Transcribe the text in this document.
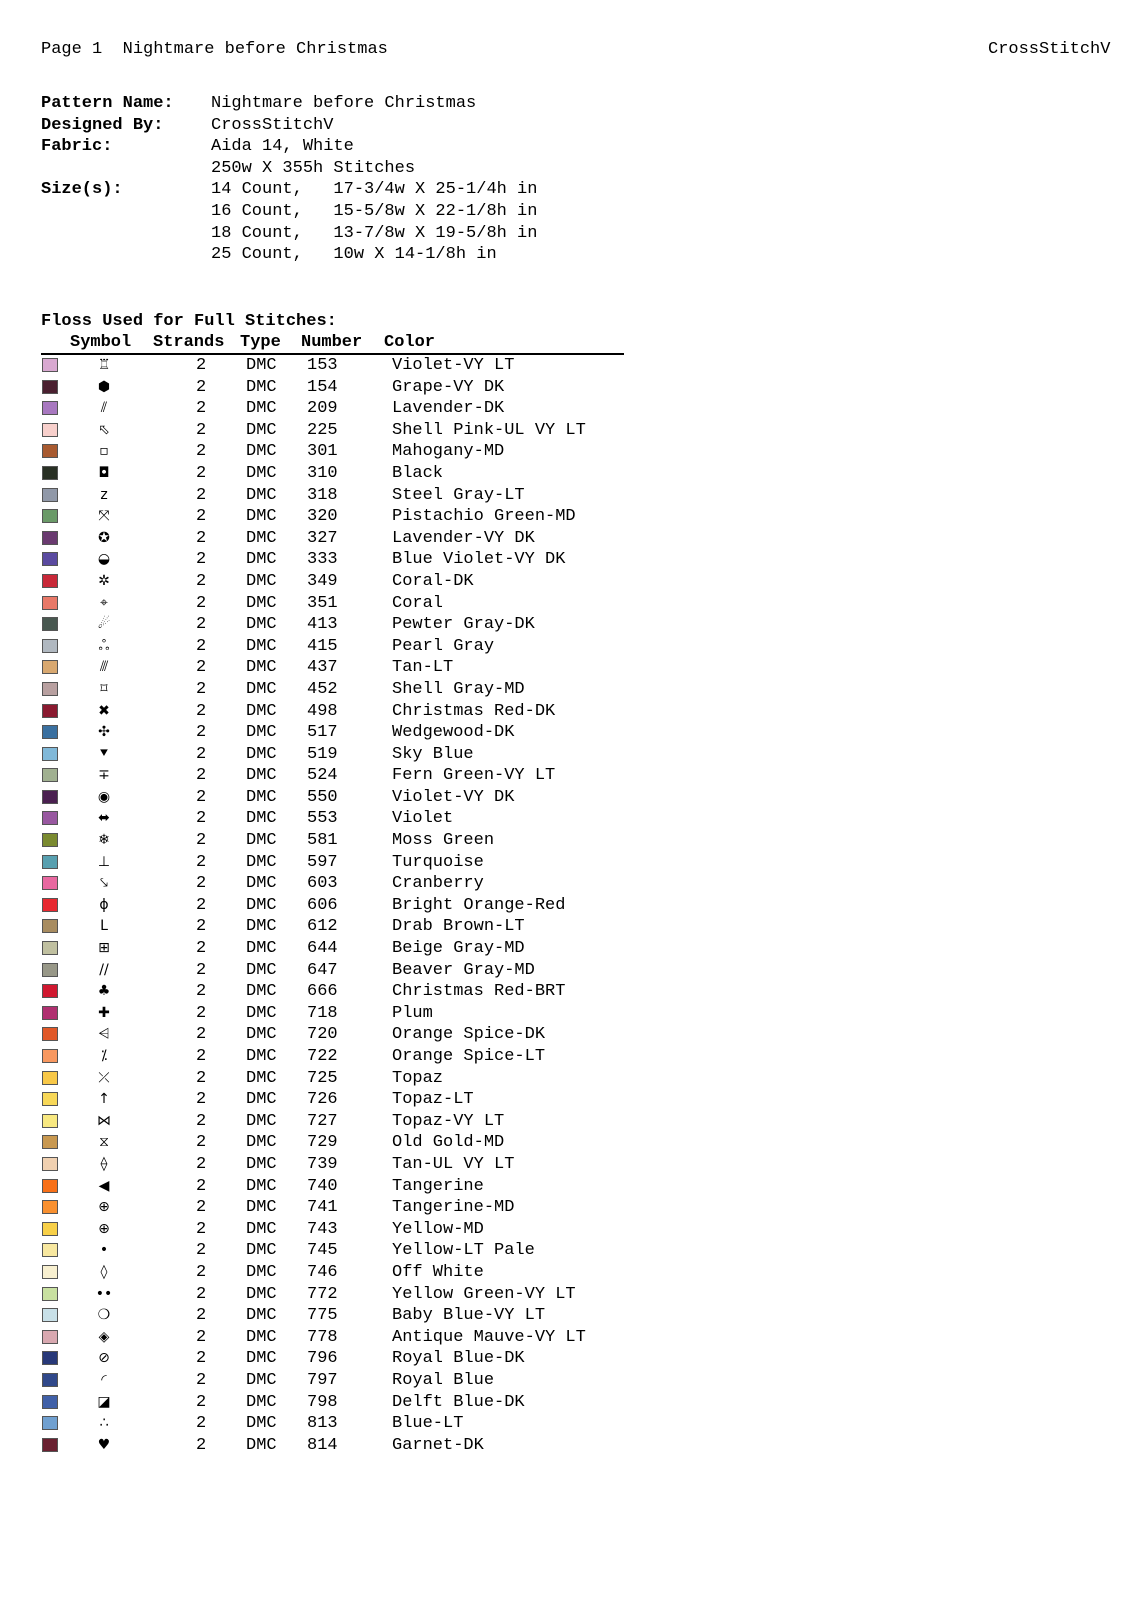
Page 1  Nightmare before Christmas	CrossStitchV
Pattern Name:	Nightmare before Christmas
Designed By:	CrossStitchV
Fabric:	Aida 14, White
250w X 355h Stitches
Size(s):	14 Count,   17-3/4w X 25-1/4h in
16 Count,   15-5/8w X 22-1/8h in
18 Count,   13-7/8w X 19-5/8h in
25 Count,   10w X 14-1/8h in
Floss Used for Full Stitches:
Symbol Strands Type Number Color
♖	2 DMC 153	Violet-VY LT
⬢	2 DMC 154	Grape-VY DK
⫽	2 DMC 209	Lavender-DK
⬁	2 DMC 225	Shell Pink-UL VY LT
▫	2 DMC 301	Mahogany-MD
◘	2 DMC 310	Black
z	2 DMC 318	Steel Gray-LT
⤧	2 DMC 320	Pistachio Green-MD
✪	2 DMC 327	Lavender-VY DK
◒	2 DMC 333	Blue Violet-VY DK
✲	2 DMC 349	Coral-DK
⌖	2 DMC 351	Coral
☄	2 DMC 413	Pewter Gray-DK
ஃ	2 DMC 415	Pearl Gray
⫻	2 DMC 437	Tan-LT
⌑	2 DMC 452	Shell Gray-MD
✖	2 DMC 498	Christmas Red-DK
✣	2 DMC 517	Wedgewood-DK
⯆	2 DMC 519	Sky Blue
∓	2 DMC 524	Fern Green-VY LT
◉	2 DMC 550	Violet-VY DK
⬌	2 DMC 553	Violet
❄	2 DMC 581	Moss Green
⊥	2 DMC 597	Turquoise
⤥	2 DMC 603	Cranberry
ɸ	2 DMC 606	Bright Orange-Red
L	2 DMC 612	Drab Brown-LT
⊞	2 DMC 644	Beige Gray-MD
//	2 DMC 647	Beaver Gray-MD
♣	2 DMC 666	Christmas Red-BRT
✚	2 DMC 718	Plum
⩤	2 DMC 720	Orange Spice-DK
⁒	2 DMC 722	Orange Spice-LT
⤫	2 DMC 725	Topaz
↑	2 DMC 726	Topaz-LT
⋈	2 DMC 727	Topaz-VY LT
⧖	2 DMC 729	Old Gold-MD
⟠	2 DMC 739	Tan-UL VY LT
◀	2 DMC 740	Tangerine
⊕	2 DMC 741	Tangerine-MD
⊕	2 DMC 743	Yellow-MD
•	2 DMC 745	Yellow-LT Pale
◊	2 DMC 746	Off White
••	2 DMC 772	Yellow Green-VY LT
❍	2 DMC 775	Baby Blue-VY LT
◈	2 DMC 778	Antique Mauve-VY LT
⊘	2 DMC 796	Royal Blue-DK
◜	2 DMC 797	Royal Blue
◪	2 DMC 798	Delft Blue-DK
∴	2 DMC 813	Blue-LT
♥	2 DMC 814	Garnet-DK
